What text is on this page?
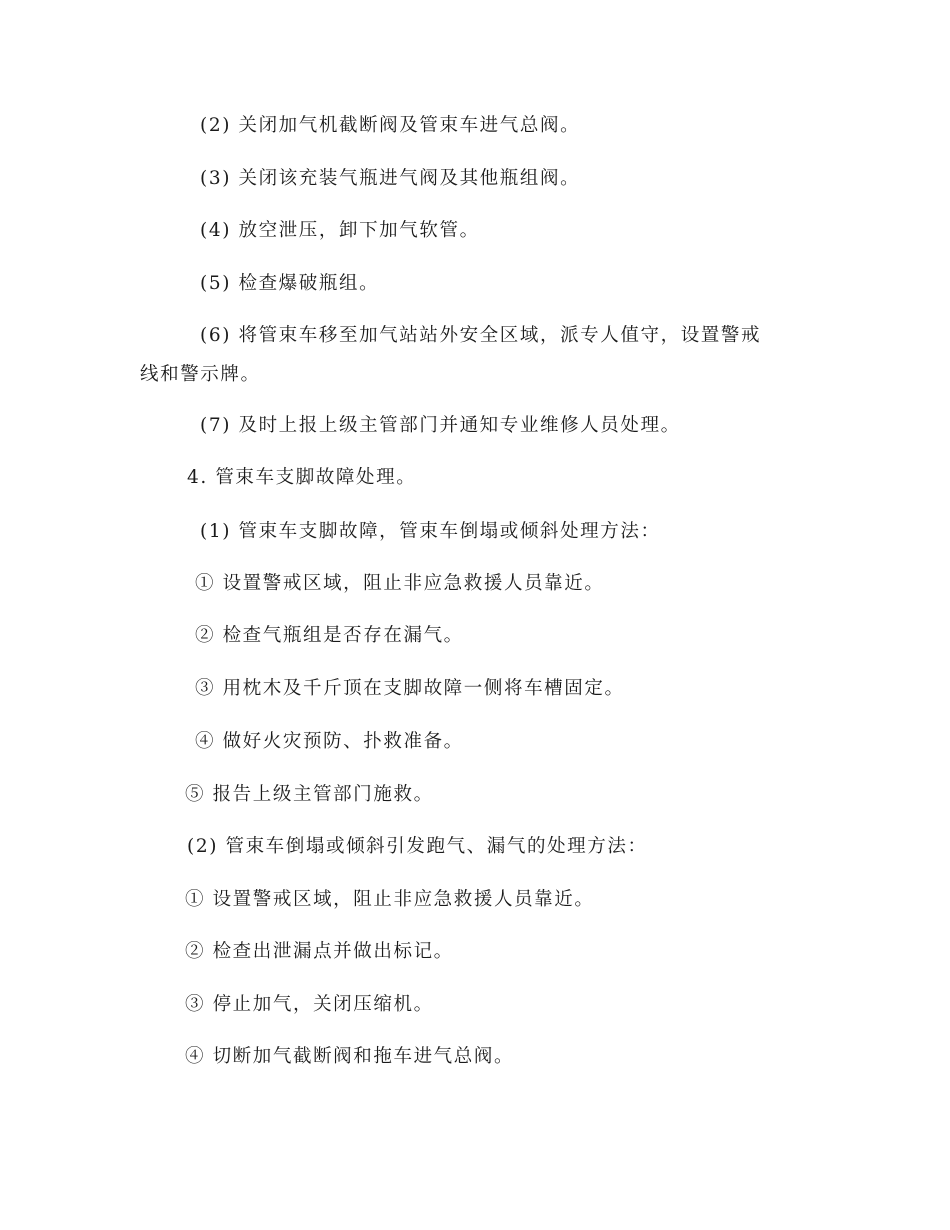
(2) 关闭加气机截断阀及管束车进气总阀。
(3) 关闭该充装气瓶进气阀及其他瓶组阀。
(4) 放空泄压，卸下加气软管。
(5) 检查爆破瓶组。
(6) 将管束车移至加气站站外安全区域，派专人值守，设置警戒
线和警示牌。
(7) 及时上报上级主管部门并通知专业维修人员处理。
4. 管束车支脚故障处理。
(1) 管束车支脚故障，管束车倒塌或倾斜处理方法：
① 设置警戒区域，阻止非应急救援人员靠近。
② 检查气瓶组是否存在漏气。
③ 用枕木及千斤顶在支脚故障一侧将车槽固定。
④ 做好火灾预防、扑救准备。
⑤ 报告上级主管部门施救。
(2) 管束车倒塌或倾斜引发跑气、漏气的处理方法：
① 设置警戒区域，阻止非应急救援人员靠近。
② 检查出泄漏点并做出标记。
③ 停止加气，关闭压缩机。
④ 切断加气截断阀和拖车进气总阀。
